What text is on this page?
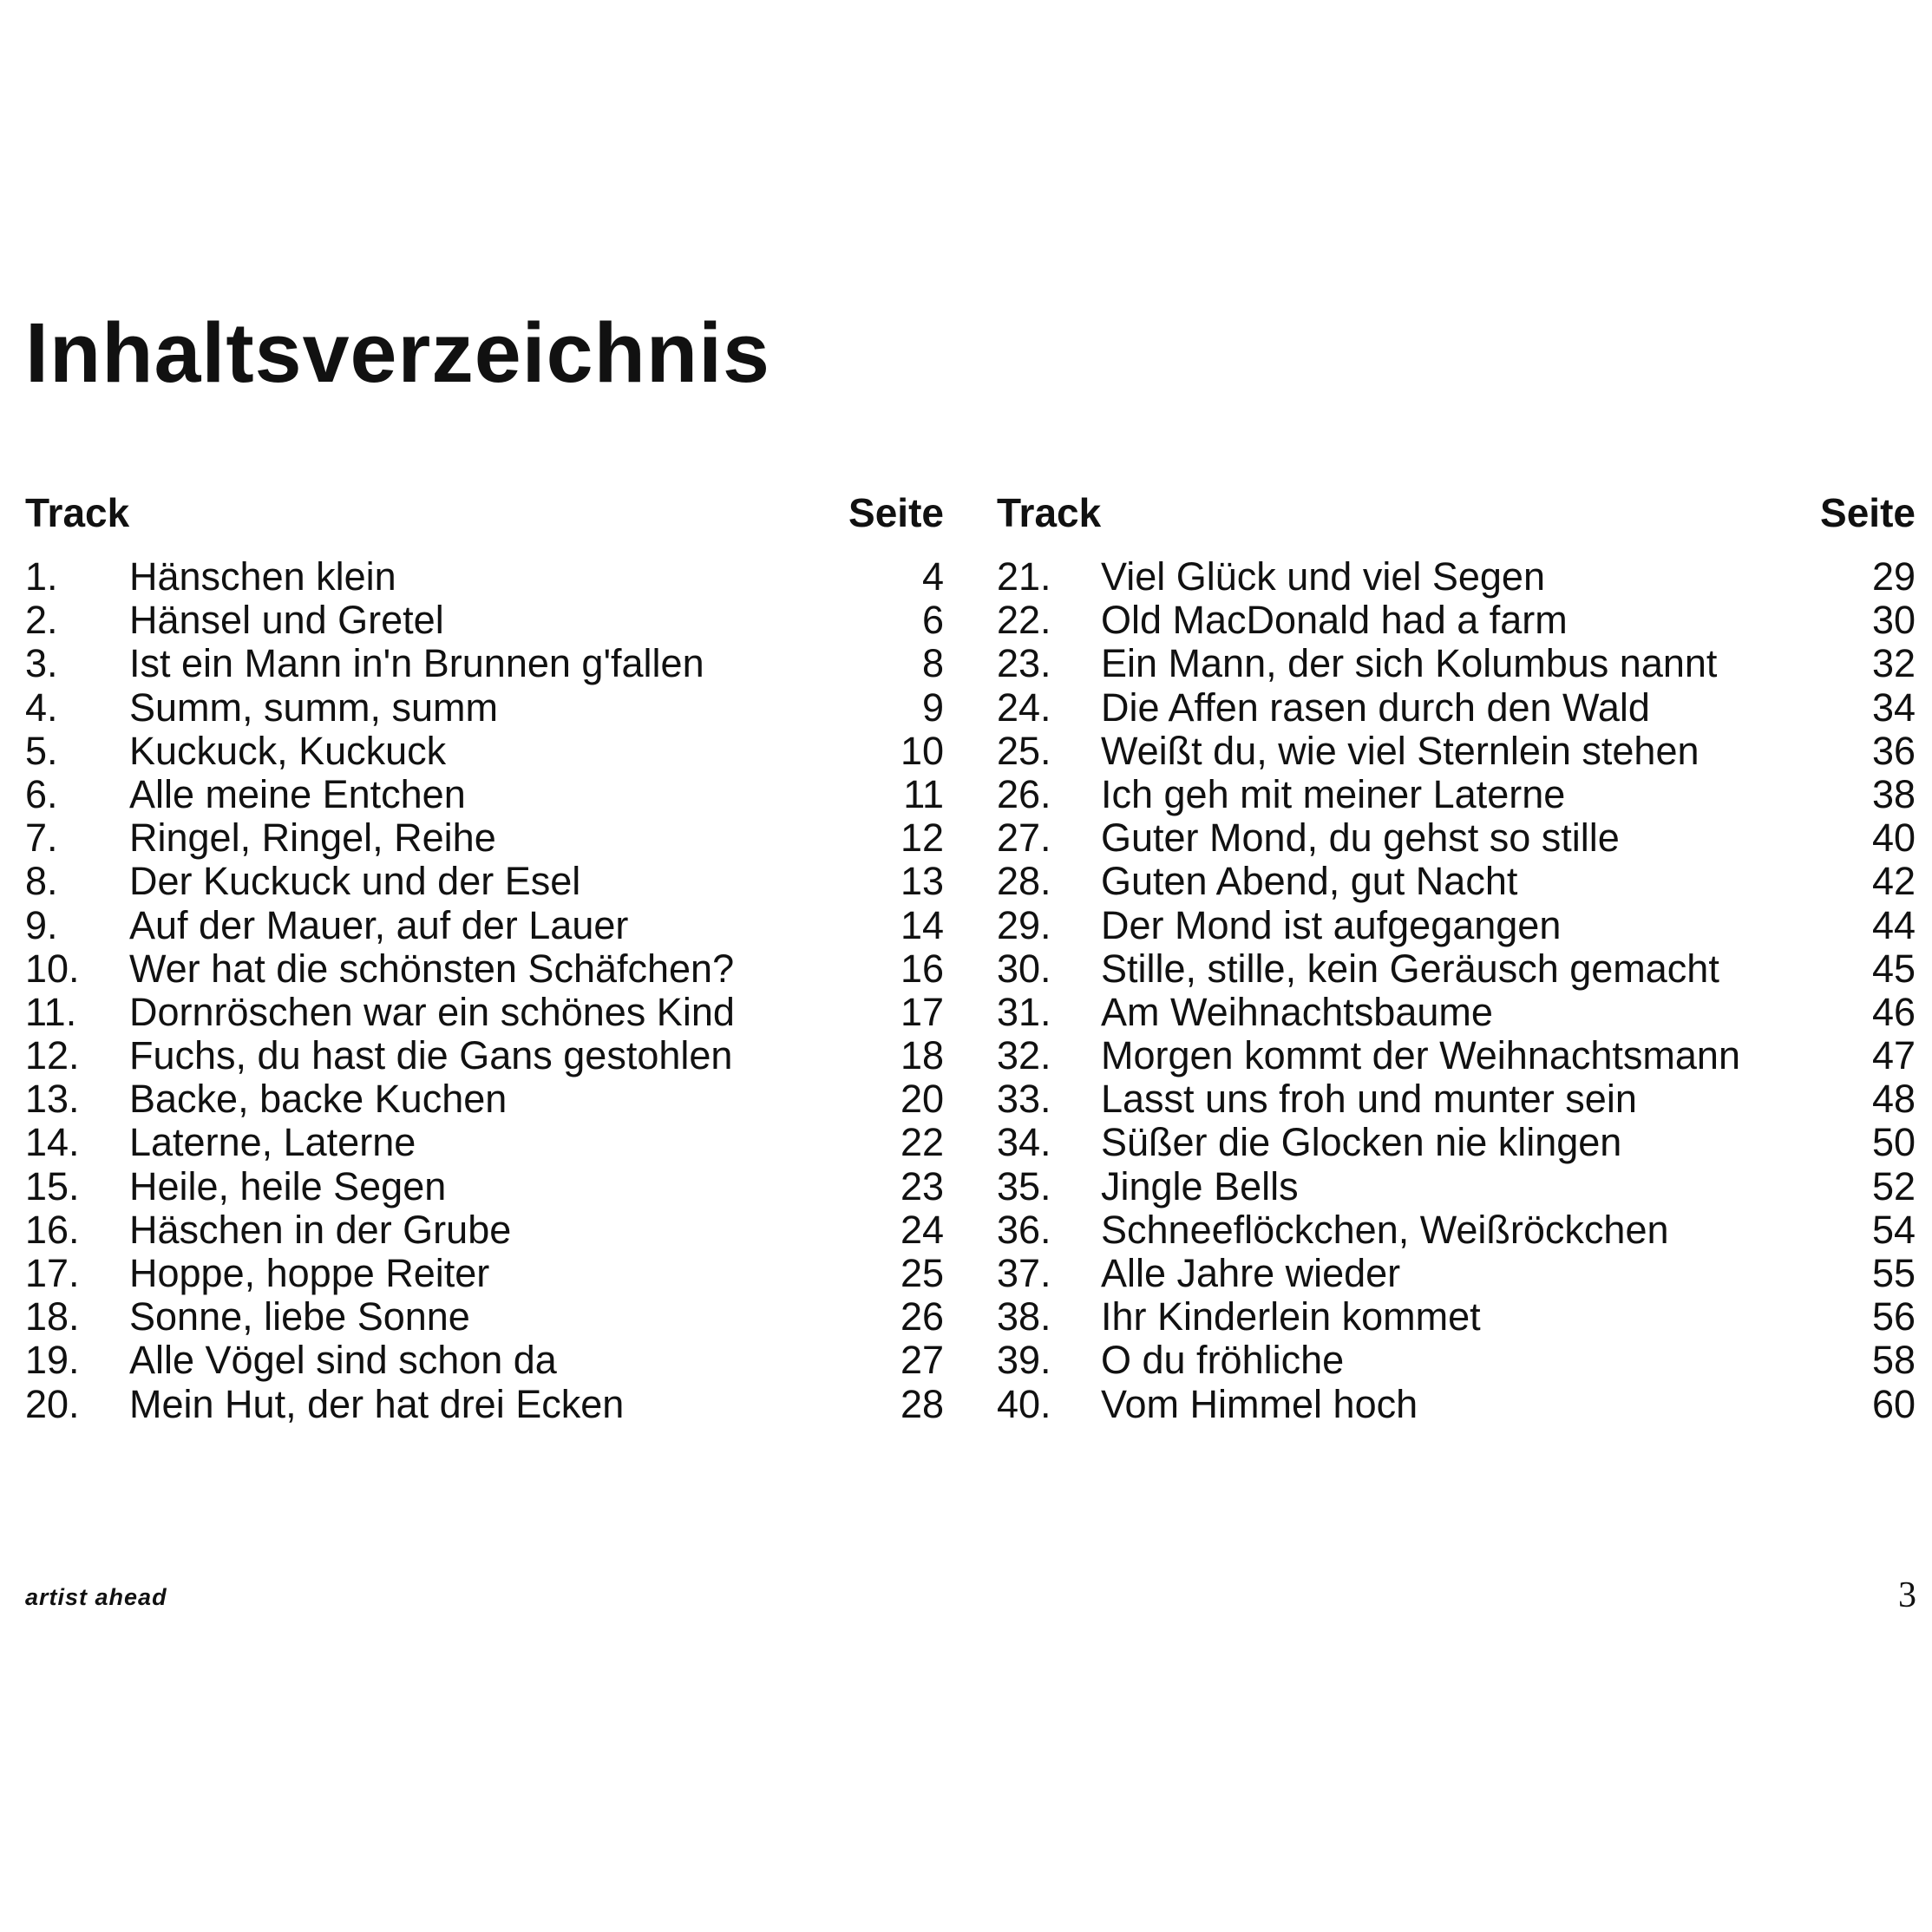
Inhaltsverzeichnis
Track	Seite
1. Hänschen klein	4
2. Hänsel und Gretel	6
3. Ist ein Mann in'n Brunnen g'fallen	8
4. Summ, summ, summ	9
5. Kuckuck, Kuckuck	10
6. Alle meine Entchen	11
7. Ringel, Ringel, Reihe	12
8. Der Kuckuck und der Esel	13
9. Auf der Mauer, auf der Lauer	14
10. Wer hat die schönsten Schäfchen?	16
11. Dornröschen war ein schönes Kind	17
12. Fuchs, du hast die Gans gestohlen	18
13. Backe, backe Kuchen	20
14. Laterne, Laterne	22
15. Heile, heile Segen	23
16. Häschen in der Grube	24
17. Hoppe, hoppe Reiter	25
18. Sonne, liebe Sonne	26
19. Alle Vögel sind schon da	27
20. Mein Hut, der hat drei Ecken	28
Track	Seite
21. Viel Glück und viel Segen	29
22. Old MacDonald had a farm	30
23. Ein Mann, der sich Kolumbus nannt	32
24. Die Affen rasen durch den Wald	34
25. Weißt du, wie viel Sternlein stehen	36
26. Ich geh mit meiner Laterne	38
27. Guter Mond, du gehst so stille	40
28. Guten Abend, gut Nacht	42
29. Der Mond ist aufgegangen	44
30. Stille, stille, kein Geräusch gemacht	45
31. Am Weihnachtsbaume	46
32. Morgen kommt der Weihnachtsmann	47
33. Lasst uns froh und munter sein	48
34. Süßer die Glocken nie klingen	50
35. Jingle Bells	52
36. Schneeflöckchen, Weißröckchen	54
37. Alle Jahre wieder	55
38. Ihr Kinderlein kommet	56
39. O du fröhliche	58
40. Vom Himmel hoch	60
artist ahead	3
